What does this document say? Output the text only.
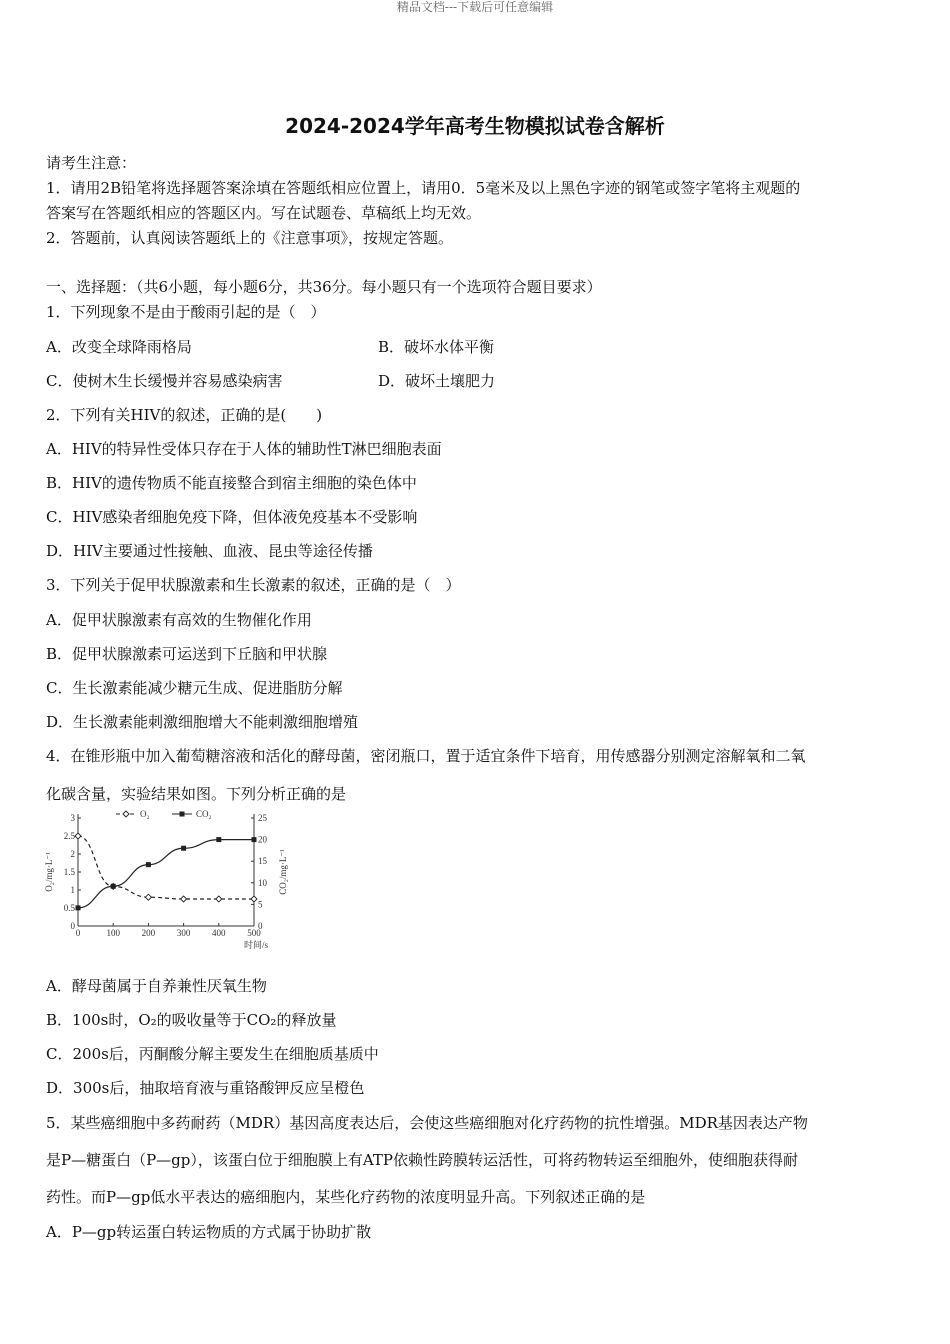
精品文档---下载后可任意编辑
2024-2024学年高考生物模拟试卷含解析
请考生注意：
1．请用2B铅笔将选择题答案涂填在答题纸相应位置上，请用0．5毫米及以上黑色字迹的钢笔或签字笔将主观题的
答案写在答题纸相应的答题区内。写在试题卷、草稿纸上均无效。
2．答题前，认真阅读答题纸上的《注意事项》，按规定答题。
一、选择题：（共6小题，每小题6分，共36分。每小题只有一个选项符合题目要求）
1．下列现象不是由于酸雨引起的是（　）
A．改变全球降雨格局	B．破坏水体平衡
C．使树木生长缓慢并容易感染病害	D．破坏土壤肥力
2．下列有关HIV的叙述，正确的是(　　)
A．HIV的特异性受体只存在于人体的辅助性T淋巴细胞表面
B．HIV的遗传物质不能直接整合到宿主细胞的染色体中
C．HIV感染者细胞免疫下降，但体液免疫基本不受影响
D．HIV主要通过性接触、血液、昆虫等途径传播
3．下列关于促甲状腺激素和生长激素的叙述，正确的是（　）
A．促甲状腺激素有高效的生物催化作用
B．促甲状腺激素可运送到下丘脑和甲状腺
C．生长激素能减少糖元生成、促进脂肪分解
D．生长激素能刺激细胞增大不能刺激细胞增殖
4．在锥形瓶中加入葡萄糖溶液和活化的酵母菌，密闭瓶口，置于适宜条件下培育，用传感器分别测定溶解氧和二氧
化碳含量，实验结果如图。下列分析正确的是
0	100 200 300 400 500
0
0.5
1
1.5
2
2.5
3
0
5
10
15
20
25
O₂/mg·L⁻¹	CO₂/mg·L⁻¹
时间/s
O₂	CO₂
A．酵母菌属于自养兼性厌氧生物
B．100s时，O₂的吸收量等于CO₂的释放量
C．200s后，丙酮酸分解主要发生在细胞质基质中
D．300s后，抽取培育液与重铬酸钾反应呈橙色
5．某些癌细胞中多药耐药（MDR）基因高度表达后，会使这些癌细胞对化疗药物的抗性增强。MDR基因表达产物
是P—糖蛋白（P—gp），该蛋白位于细胞膜上有ATP依赖性跨膜转运活性，可将药物转运至细胞外，使细胞获得耐
药性。而P—gp低水平表达的癌细胞内，某些化疗药物的浓度明显升高。下列叙述正确的是
A．P—gp转运蛋白转运物质的方式属于协助扩散
